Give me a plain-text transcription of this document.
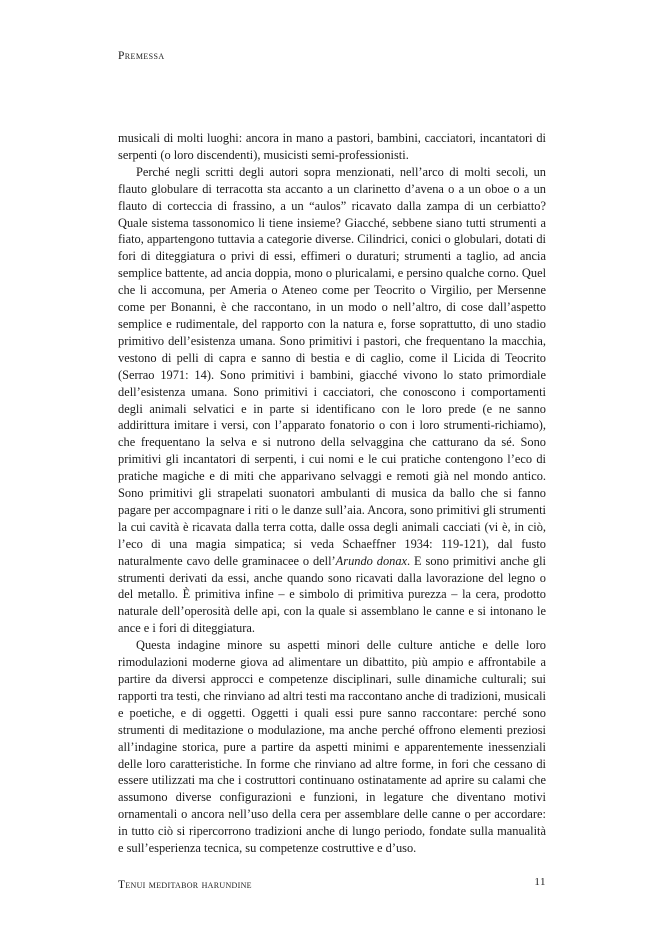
Premessa

musicali di molti luoghi: ancora in mano a pastori, bambini, cacciatori, incantatori di serpenti (o loro discendenti), musicisti semi-professionisti.

Perché negli scritti degli autori sopra menzionati, nell’arco di molti secoli, un flauto globulare di terracotta sta accanto a un clarinetto d’avena o a un oboe o a un flauto di corteccia di frassino, a un “aulos” ricavato dalla zampa di un cerbiatto? Quale sistema tassonomico li tiene insieme? Giacché, sebbene siano tutti strumenti a fiato, appartengono tuttavia a categorie diverse. Cilindrici, conici o globulari, dotati di fori di diteggiatura o privi di essi, effimeri o duraturi; strumenti a taglio, ad ancia semplice battente, ad ancia doppia, mono o pluricalami, e persino qualche corno. Quel che li accomuna, per Ameria o Ateneo come per Teocrito o Virgilio, per Mersenne come per Bonanni, è che raccontano, in un modo o nell’altro, di cose dall’aspetto semplice e rudimentale, del rapporto con la natura e, forse soprattutto, di uno stadio primitivo dell’esistenza umana. Sono primitivi i pastori, che frequentano la macchia, vestono di pelli di capra e sanno di bestia e di caglio, come il Licida di Teocrito (Serrao 1971: 14). Sono primitivi i bambini, giacché vivono lo stato primordiale dell’esistenza umana. Sono primitivi i cacciatori, che conoscono i comportamenti degli animali selvatici e in parte si identificano con le loro prede (e ne sanno addirittura imitare i versi, con l’apparato fonatorio o con i loro strumenti-richiamo), che frequentano la selva e si nutrono della selvaggina che catturano da sé. Sono primitivi gli incantatori di serpenti, i cui nomi e le cui pratiche contengono l’eco di pratiche magiche e di miti che apparivano selvaggi e remoti già nel mondo antico. Sono primitivi gli strapelati suonatori ambulanti di musica da ballo che si fanno pagare per accompagnare i riti o le danze sull’aia. Ancora, sono primitivi gli strumenti la cui cavità è ricavata dalla terra cotta, dalle ossa degli animali cacciati (vi è, in ciò, l’eco di una magia simpatica; si veda Schaeffner 1934: 119-121), dal fusto naturalmente cavo delle graminacee o dell’Arundo donax. E sono primitivi anche gli strumenti derivati da essi, anche quando sono ricavati dalla lavorazione del legno o del metallo. È primitiva infine – e simbolo di primitiva purezza – la cera, prodotto naturale dell’operosità delle api, con la quale si assemblano le canne e si intonano le ance e i fori di diteggiatura.

Questa indagine minore su aspetti minori delle culture antiche e delle loro rimodulazioni moderne giova ad alimentare un dibattito, più ampio e affrontabile a partire da diversi approcci e competenze disciplinari, sulle dinamiche culturali; sui rapporti tra testi, che rinviano ad altri testi ma raccontano anche di tradizioni, musicali e poetiche, e di oggetti. Oggetti i quali essi pure sanno raccontare: perché sono strumenti di meditazione o modulazione, ma anche perché offrono elementi preziosi all’indagine storica, pure a partire da aspetti minimi e apparentemente inessenziali delle loro caratteristiche. In forme che rinviano ad altre forme, in fori che cessano di essere utilizzati ma che i costruttori continuano ostinatamente ad aprire su calami che assumono diverse configurazioni e funzioni, in legature che diventano motivi ornamentali o ancora nell’uso della cera per assemblare delle canne o per accordare: in tutto ciò si ripercorrono tradizioni anche di lungo periodo, fondate sulla manualità e sull’esperienza tecnica, su competenze costruttive e d’uso.

Tenui meditabor harundine	11
